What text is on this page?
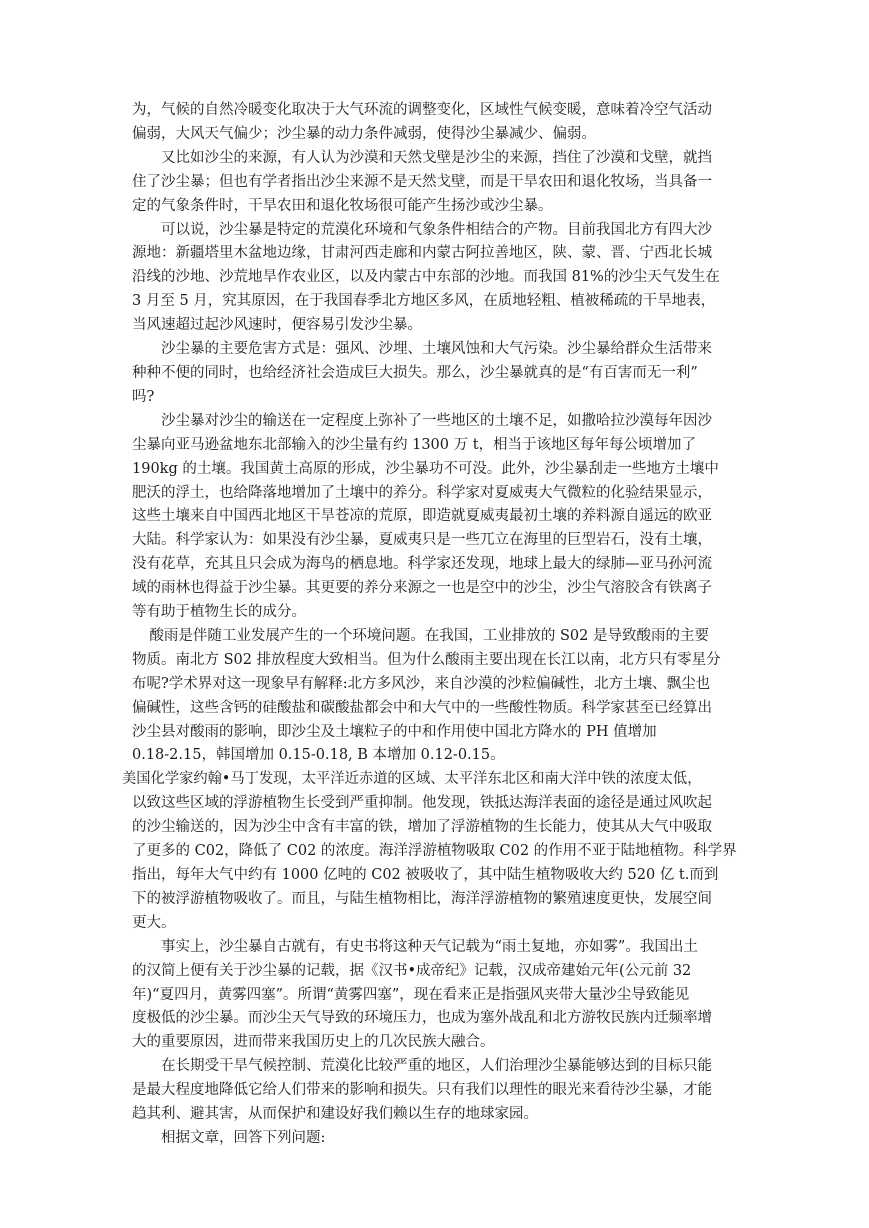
为，气候的自然冷暖变化取决于大气环流的调整变化，区域性气候变暖，意味着冷空气活动
偏弱，大风天气偏少；沙尘暴的动力条件减弱，使得沙尘暴减少、偏弱。

又比如沙尘的来源，有人认为沙漠和天然戈壁是沙尘的来源，挡住了沙漠和戈壁，就挡
住了沙尘暴；但也有学者指出沙尘来源不是天然戈壁，而是干旱农田和退化牧场，当具备一
定的气象条件时，干旱农田和退化牧场很可能产生扬沙或沙尘暴。

可以说，沙尘暴是特定的荒漠化环境和气象条件相结合的产物。目前我国北方有四大沙
源地：新疆塔里木盆地边缘，甘肃河西走廊和内蒙古阿拉善地区，陕、蒙、晋、宁西北长城
沿线的沙地、沙荒地旱作农业区，以及内蒙古中东部的沙地。而我国 81%的沙尘天气发生在
3 月至 5 月，究其原因，在于我国春季北方地区多风，在质地轻粗、植被稀疏的干旱地表，
当风速超过起沙风速时，便容易引发沙尘暴。

沙尘暴的主要危害方式是：强风、沙埋、土壤风蚀和大气污染。沙尘暴给群众生活带来
种种不便的同时，也给经济社会造成巨大损失。那么，沙尘暴就真的是“有百害而无一利”
吗?

沙尘暴对沙尘的输送在一定程度上弥补了一些地区的土壤不足，如撒哈拉沙漠每年因沙
尘暴向亚马逊盆地东北部输入的沙尘量有约 1300 万 t，相当于该地区每年每公顷增加了
190kg 的土壤。我国黄土高原的形成，沙尘暴功不可没。此外，沙尘暴刮走一些地方土壤中
肥沃的浮土，也给降落地增加了土壤中的养分。科学家对夏威夷大气微粒的化验结果显示，
这些土壤来自中国西北地区干旱苍凉的荒原，即造就夏威夷最初土壤的养料源自遥远的欧亚
大陆。科学家认为：如果没有沙尘暴，夏威夷只是一些兀立在海里的巨型岩石，没有土壤，
没有花草，充其且只会成为海鸟的栖息地。科学家还发现，地球上最大的绿肺—亚马孙河流
域的雨林也得益于沙尘暴。其更要的养分来源之一也是空中的沙尘，沙尘气溶胶含有铁离子
等有助于植物生长的成分。

酸雨是伴随工业发展产生的一个环境问题。在我国，工业排放的 S02 是导致酸雨的主要
物质。南北方 S02 排放程度大致相当。但为什么酸雨主要出现在长江以南，北方只有零星分
布呢?学术界对这一现象早有解释:北方多风沙，来自沙漠的沙粒偏碱性，北方土壤、飘尘也
偏碱性，这些含钙的硅酸盐和碳酸盐都会中和大气中的一些酸性物质。科学家甚至已经算出
沙尘县对酸雨的影响，即沙尘及土壤粒子的中和作用使中国北方降水的 PH 值增加

0.18-2.15，韩国增加 0.15-0.18, B 本增加 0.12-0.15。

美国化学家约翰•马丁发现，太平洋近赤道的区域、太平洋东北区和南大洋中铁的浓度太低，
以致这些区域的浮游植物生长受到严重抑制。他发现，铁抵达海洋表面的途径是通过风吹起
的沙尘输送的，因为沙尘中含有丰富的铁，增加了浮游植物的生长能力，使其从大气中吸取
了更多的 C02，降低了 C02 的浓度。海洋浮游植物吸取 C02 的作用不亚于陆地植物。科学界
指出，每年大气中约有 1000 亿吨的 C02 被吸收了，其中陆生植物吸收大约 520 亿 t.而到
下的被浮游植物吸收了。而且，与陆生植物相比，海洋浮游植物的繁殖速度更快，发展空间
更大。

事实上，沙尘暴自古就有，有史书将这种天气记载为“雨土复地，亦如雾”。我国出土
的汉简上便有关于沙尘暴的记载，据《汉书•成帝纪》记载，汉成帝建始元年(公元前 32
年)“夏四月，黄雾四塞”。所谓“黄雾四塞”，现在看来正是指强风夹带大量沙尘导致能见
度极低的沙尘暴。而沙尘天气导致的环境压力，也成为塞外战乱和北方游牧民族内迁频率增
大的重要原因，进而带来我国历史上的几次民族大融合。

在长期受干旱气候控制、荒漠化比较严重的地区，人们治理沙尘暴能够达到的目标只能
是最大程度地降低它给人们带来的影响和损失。只有我们以理性的眼光来看待沙尘暴，才能
趋其利、避其害，从而保护和建设好我们赖以生存的地球家园。

相据文章，回答下列问题:
